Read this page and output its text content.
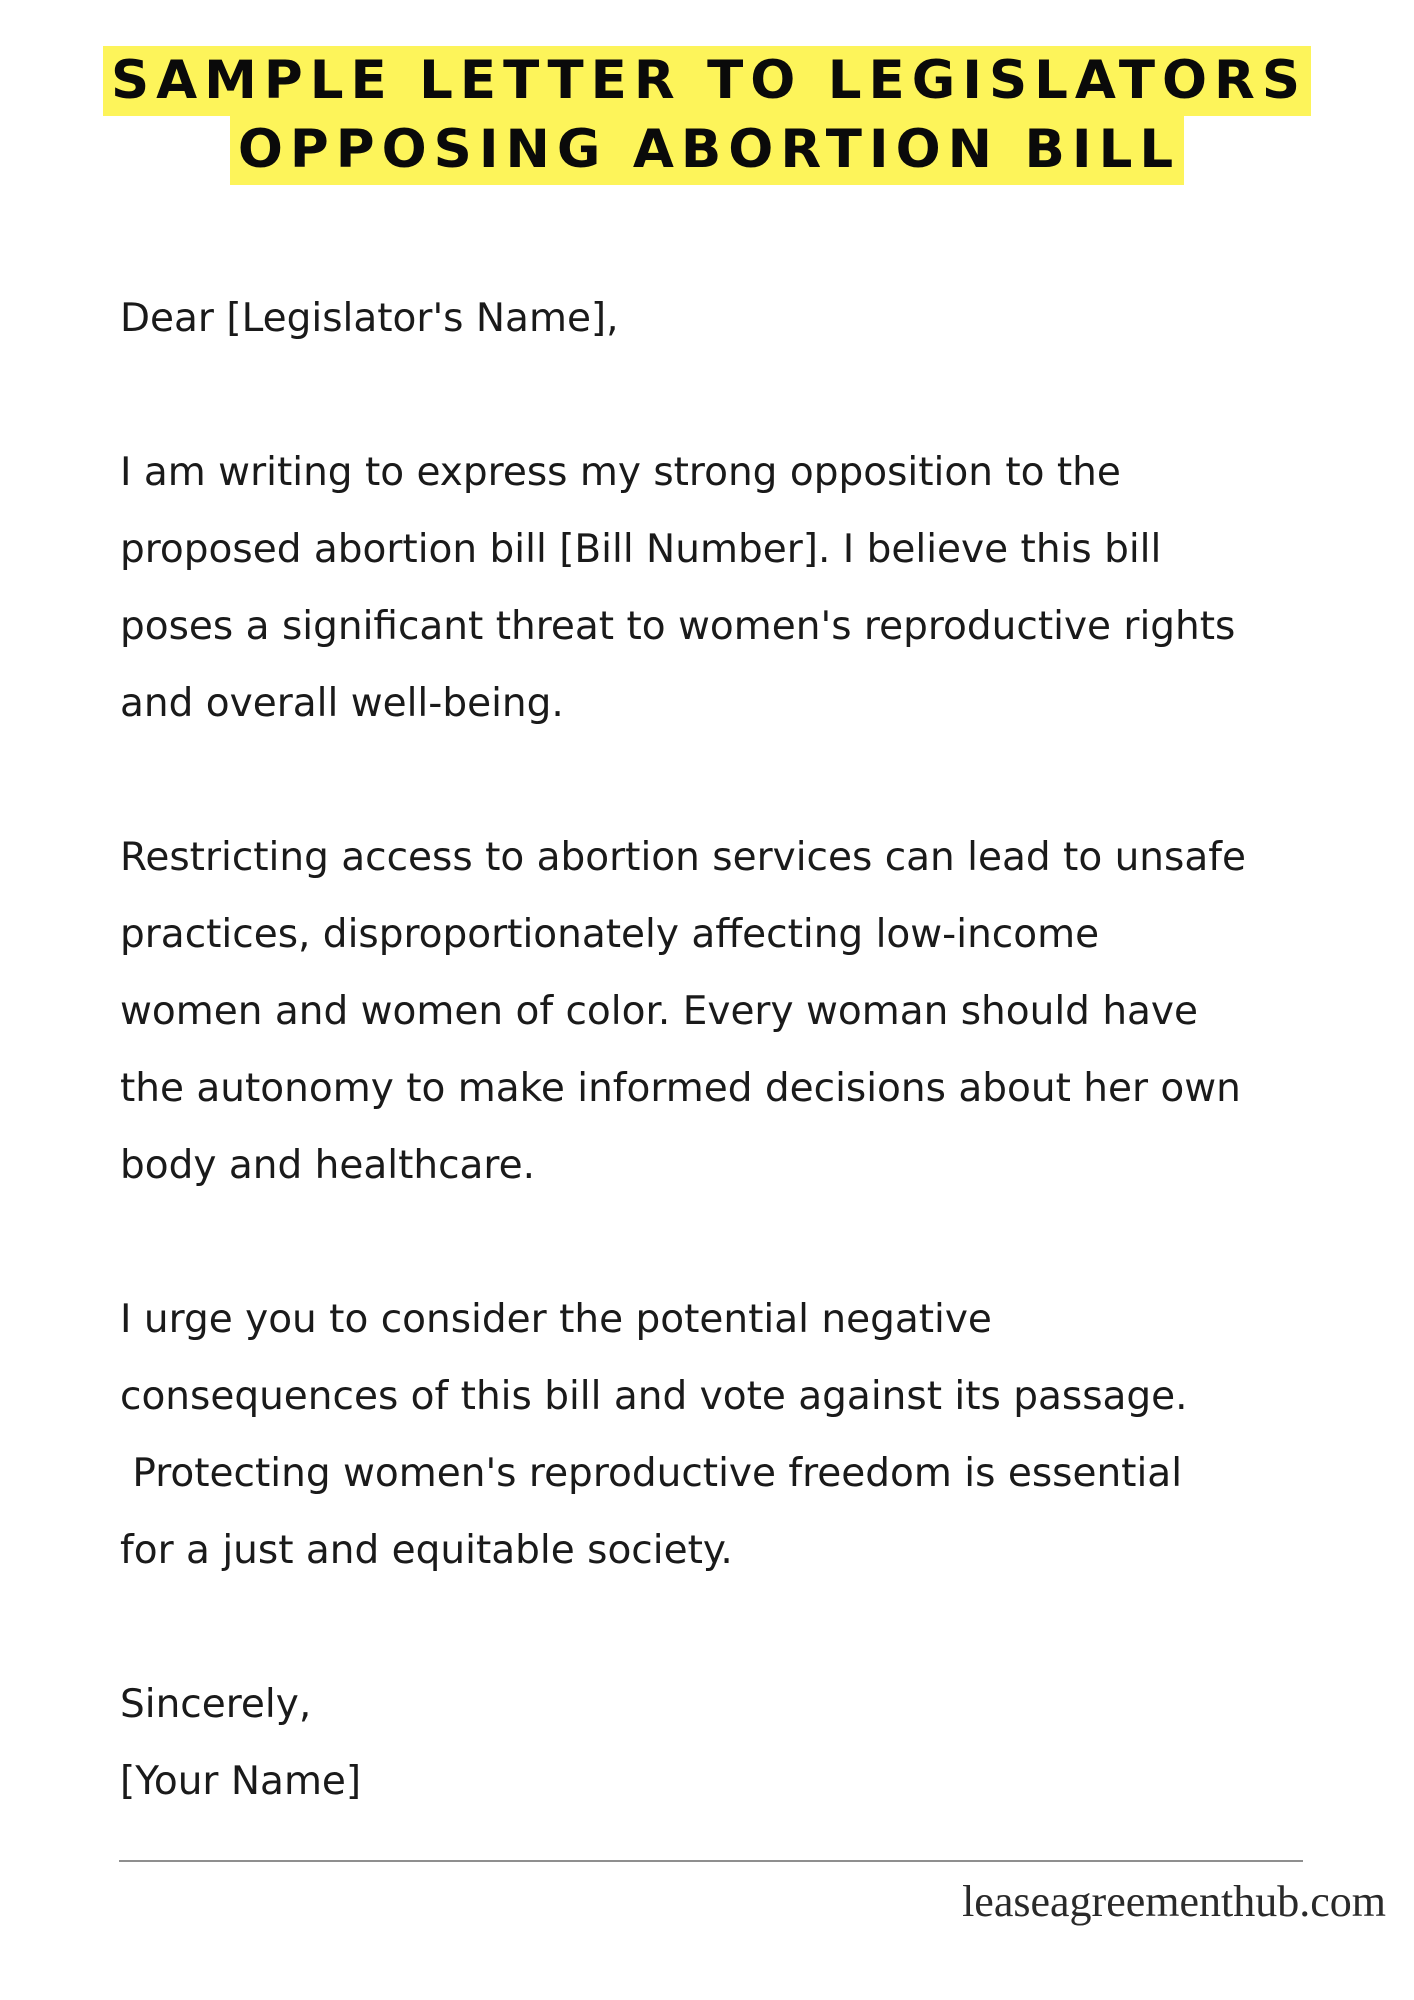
SAMPLE LETTER TO LEGISLATORS
OPPOSING ABORTION BILL

Dear [Legislator's Name],

I am writing to express my strong opposition to the
proposed abortion bill [Bill Number]. I believe this bill
poses a significant threat to women's reproductive rights
and overall well-being.

Restricting access to abortion services can lead to unsafe
practices, disproportionately affecting low-income
women and women of color. Every woman should have
the autonomy to make informed decisions about her own
body and healthcare.

I urge you to consider the potential negative
consequences of this bill and vote against its passage.
Protecting women's reproductive freedom is essential
for a just and equitable society.

Sincerely,

[Your Name]

leaseagreementhub.com
